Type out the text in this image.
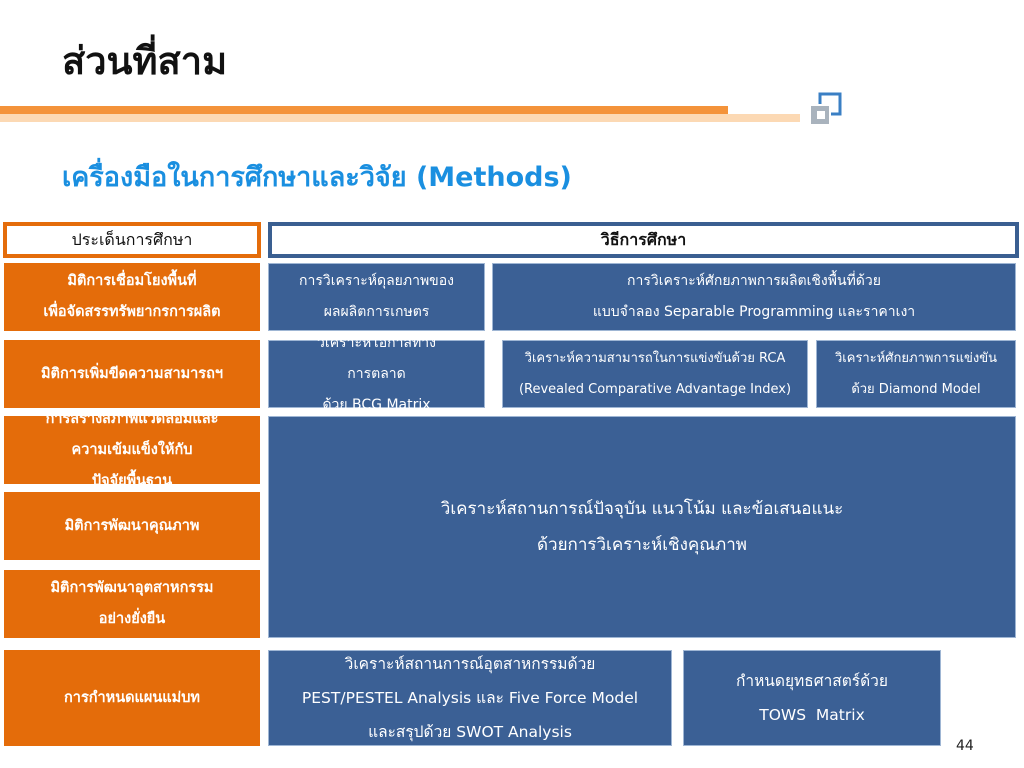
ส่วนที่สาม
เครื่องมือในการศึกษาและวิจัย (Methods)
ประเด็นการศึกษา	วิธีการศึกษา
มิติการเชื่อมโยงพื้นที่
เพื่อจัดสรรทรัพยากรการผลิต
มิติการเพิ่มขีดความสามารถฯ
การสร้างสภาพแวดล้อมและ
ความเข้มแข็งให้กับ
ปัจจัยพื้นฐาน
มิติการพัฒนาคุณภาพ
มิติการพัฒนาอุตสาหกรรม
อย่างยั่งยืน
การกำหนดแผนแม่บท
การวิเคราะห์ดุลยภาพของ
ผลผลิตการเกษตร
การวิเคราะห์ศักยภาพการผลิตเชิงพื้นที่ด้วย
แบบจำลอง Separable Programming และราคาเงา
วิเคราะห์โอกาสทาง
การตลาด
ด้วย BCG Matrix
วิเคราะห์ความสามารถในการแข่งขันด้วย RCA
(Revealed Comparative Advantage Index)
วิเคราะห์ศักยภาพการแข่งขัน
ด้วย Diamond Model
วิเคราะห์สถานการณ์ปัจจุบัน แนวโน้ม และข้อเสนอแนะ
ด้วยการวิเคราะห์เชิงคุณภาพ
วิเคราะห์สถานการณ์อุตสาหกรรมด้วย
PEST/PESTEL Analysis และ Five Force Model
และสรุปด้วย SWOT Analysis
กำหนดยุทธศาสตร์ด้วย
TOWS  Matrix
44
